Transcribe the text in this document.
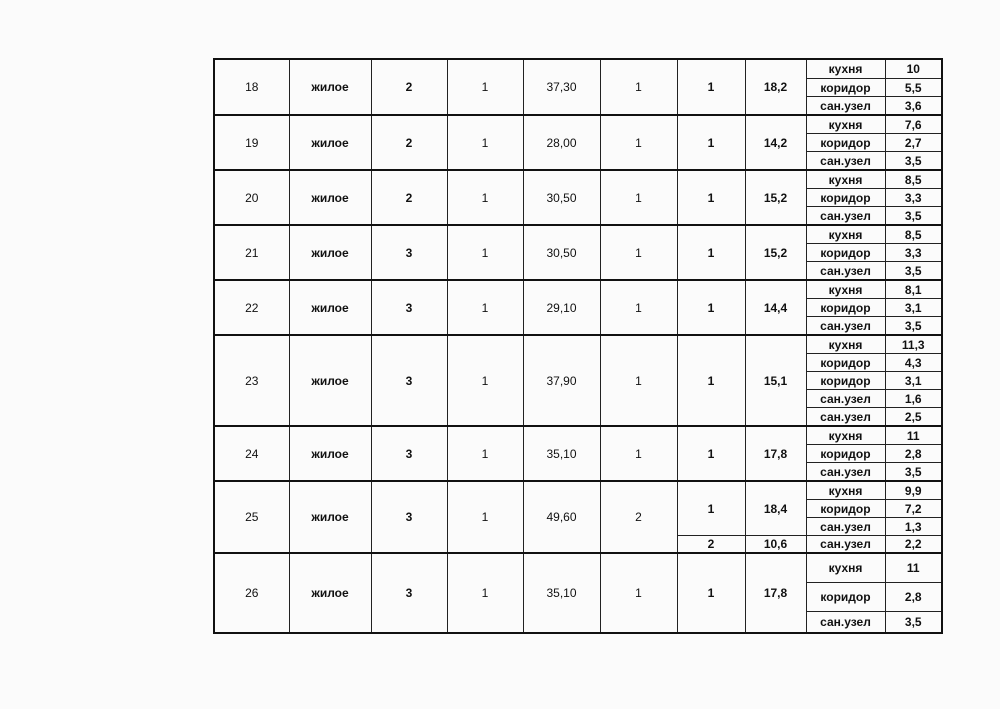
18	жилое	2	1	37,30	1	1	18,2	кухня	10
								коридор	5,5
								сан.узел	3,6
19	жилое	2	1	28,00	1	1	14,2	кухня	7,6
								коридор	2,7
								сан.узел	3,5
20	жилое	2	1	30,50	1	1	15,2	кухня	8,5
								коридор	3,3
								сан.узел	3,5
21	жилое	3	1	30,50	1	1	15,2	кухня	8,5
								коридор	3,3
								сан.узел	3,5
22	жилое	3	1	29,10	1	1	14,4	кухня	8,1
								коридор	3,1
								сан.узел	3,5
23	жилое	3	1	37,90	1	1	15,1	кухня	11,3
								коридор	4,3
								коридор	3,1
								сан.узел	1,6
								сан.узел	2,5
24	жилое	3	1	35,10	1	1	17,8	кухня	11
								коридор	2,8
								сан.узел	3,5
25	жилое	3	1	49,60	2	1	18,4	кухня	9,9
								коридор	7,2
								сан.узел	1,3
						2	10,6	сан.узел	2,2
26	жилое	3	1	35,10	1	1	17,8	кухня	11
								коридор	2,8
								сан.узел	3,5
